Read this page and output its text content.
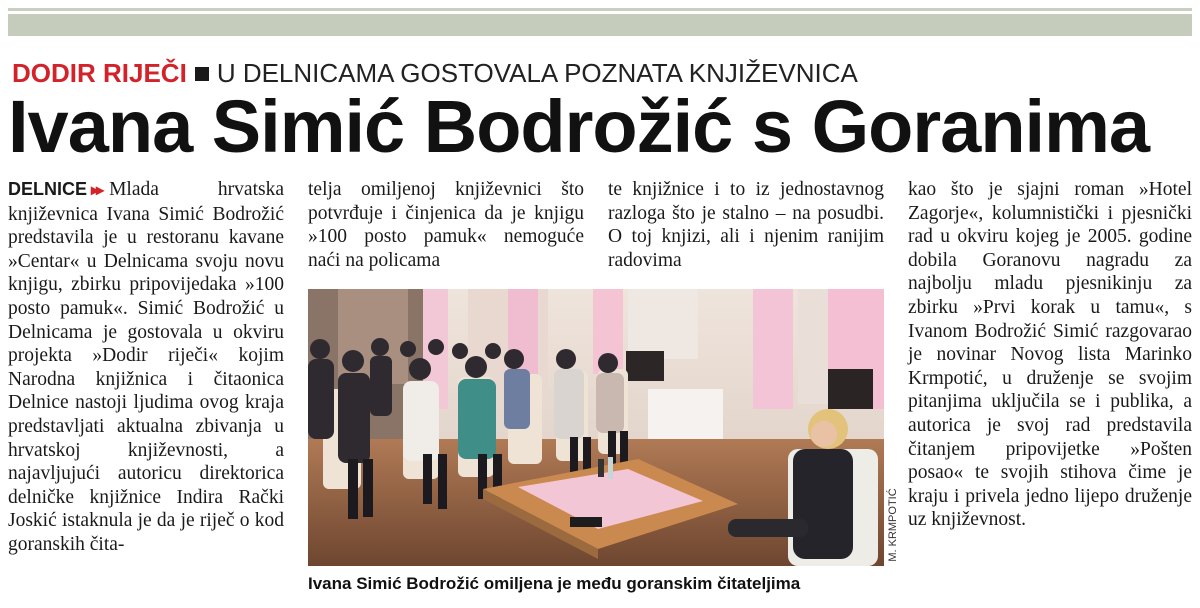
DODIR RIJEČI U DELNICAMA GOSTOVALA POZNATA KNJIŽEVNICA
Ivana Simić Bodrožić s Goranima

DELNICE ▸▸ Mlada hrvatska književnica Ivana Simić Bodrožić predstavila je u restoranu kavane »Centar« u Delnicama svoju novu knjigu, zbirku pripovijedaka »100 posto pamuk«. Simić Bodrožić u Delnicama je gostovala u okviru projekta »Dodir riječi« kojim Narodna knjižnica i čitaonica Delnice nastoji ljudima ovog kraja predstavljati aktualna zbivanja u hrvatskoj književnosti, a najavljujući autoricu direktorica delničke knjižnice Indira Rački Joskić istaknula je da je riječ o kod goranskih čita-

telja omiljenoj književnici što potvrđuje i činjenica da je knjigu »100 posto pamuk« nemoguće naći na policama

te knjižnice i to iz jednostavnog razloga što je stalno – na posudbi. O toj knjizi, ali i njenim ranijim radovima

kao što je sjajni roman »Hotel Zagorje«, kolumnistički i pjesnički rad u okviru kojeg je 2005. godine dobila Goranovu nagradu za najbolju mladu pjesnikinju za zbirku »Prvi korak u tamu«, s Ivanom Bodrožić Simić razgovarao je novinar Novog lista Marinko Krmpotić, u druženje se svojim pitanjima uključila se i publika, a autorica je svoj rad predstavila čitanjem pripovijetke »Pošten posao« te svojih stihova čime je kraju i privela jedno lijepo druženje uz književnost.

M. KRMPOTIĆ
Ivana Simić Bodrožić omiljena je među goranskim čitateljima
